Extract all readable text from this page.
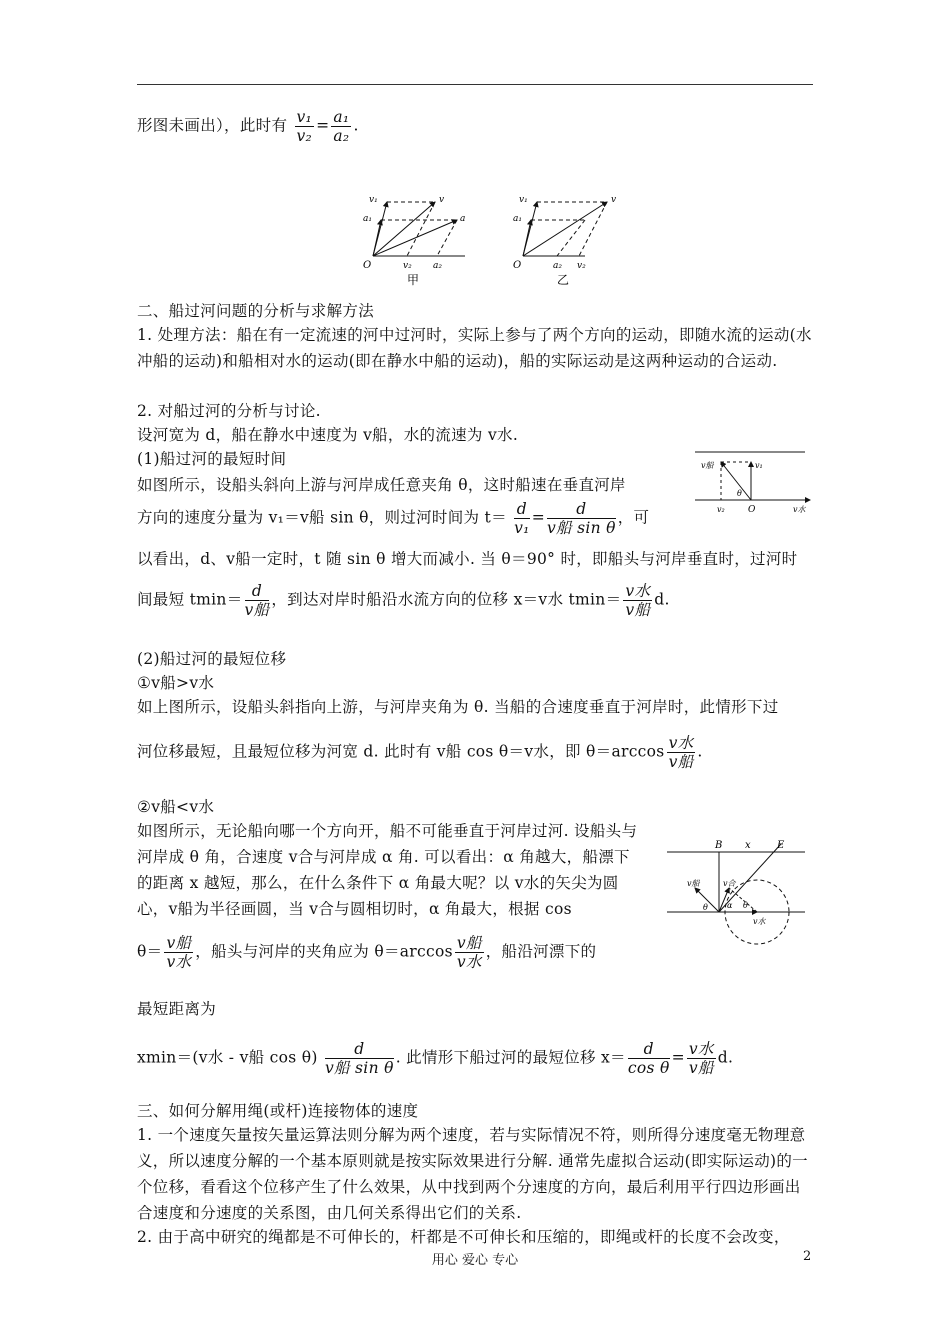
形图未画出），此时有 $\frac{\text{v₁}}{\text{v₂}} = \frac{\text{a₁}}{\text{a₂}}$ .
v₁	v
a₁	a
O	v₂ a₂
甲
v₁	v
a₁
O	v₂
a₂
乙
二、船过河问题的分析与求解方法
1. 处理方法：船在有一定流速的河中过河时，实际上参与了两个方向的运动，即随水流的运动(水冲船的运动)和船相对水的运动(即在静水中船的运动)，船的实际运动是这两种运动的合运动.
2. 对船过河的分析与讨论.
设河宽为 d，船在静水中速度为 v船，水的流速为 v水.
(1)船过河的最短时间
如图所示，设船头斜向上游与河岸成任意夹角 θ，这时船速在垂直河岸
方向的速度分量为 v₁＝v船 sin θ，则过河时间为 $t= \frac{d}{\text{v₁}} = \frac{d}{\text{v船 sin θ}}$ ，可
v船	v₁
θ
v₂	O	v水
以看出，d、v船一定时，t 随 sin θ 增大而减小. 当 θ＝90° 时，即船头与河岸垂直时，过河时
间最短 $tmin= \frac{d}{\text{v船}}$ ，到达对岸时船沿水流方向的位移 x＝v水 $tmin= \frac{\text{v水}}{\text{v船}} d$.
(2)船过河的最短位移
①v船>v水
如上图所示，设船头斜指向上游，与河岸夹角为 θ. 当船的合速度垂直于河岸时，此情形下过
河位移最短，且最短位移为河宽 d. 此时有 v船 cos θ＝v水，即 $\theta=\arccos \frac{\text{v水}}{\text{v船}}$ .
②v船<v水
如图所示，无论船向哪一个方向开，船不可能垂直于河岸过河. 设船头与河岸成 θ 角，合速度 v合与河岸成 α 角. 可以看出：α 角越大，船漂下的距离 x 越短，那么，在什么条件下 α 角最大呢？以 v水的矢尖为圆心，v船为半径画圆，当 v合与圆相切时，α 角最大，根据 cos
B x	E
v船	v合
θ α θ
v水
$\theta= \frac{\text{v船}}{\text{v水}}$ ，船头与河岸的夹角应为 $\theta=\arccos \frac{\text{v船}}{\text{v水}}$ ，船沿河漂下的
最短距离为
xmin＝(v水 - v船 $\cos \theta) \frac{d}{\text{v船 sin θ}}$ . 此情形下船过河的最短位移 $x= \frac{d}{\text{cos θ}} = \frac{\text{v水}}{\text{v船}} d$.
三、如何分解用绳(或杆)连接物体的速度
1. 一个速度矢量按矢量运算法则分解为两个速度，若与实际情况不符，则所得分速度毫无物理意义，所以速度分解的一个基本原则就是按实际效果进行分解. 通常先虚拟合运动(即实际运动)的一个位移，看看这个位移产生了什么效果，从中找到两个分速度的方向，最后利用平行四边形画出合速度和分速度的关系图，由几何关系得出它们的关系.
2. 由于高中研究的绳都是不可伸长的，杆都是不可伸长和压缩的，即绳或杆的长度不会改变，
用心 爱心 专心	2
